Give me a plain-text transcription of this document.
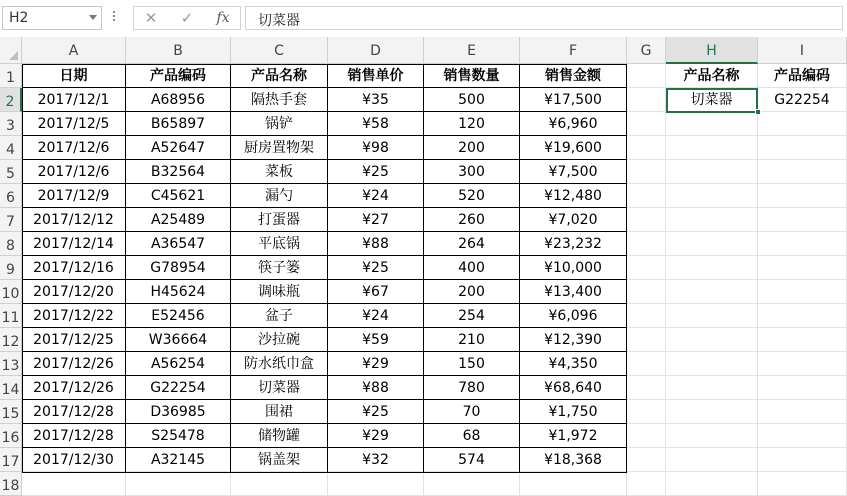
H2	✕	✓	fx	切菜器
A	B	C	D	E	F	G	H	I
1
2
3
4
5
6
7
8
9
10
11
12
13
14
15
16
17
18
日期	产品编码	产品名称	销售单价	销售数量	销售金额
2017/12/1	A68956	隔热手套	¥35	500	¥17,500
2017/12/5	B65897	锅铲	¥58	120	¥6,960
2017/12/6	A52647	厨房置物架	¥98	200	¥19,600
2017/12/6	B32564	菜板	¥25	300	¥7,500
2017/12/9	C45621	漏勺	¥24	520	¥12,480
2017/12/12	A25489	打蛋器	¥27	260	¥7,020
2017/12/14	A36547	平底锅	¥88	264	¥23,232
2017/12/16	G78954	筷子篓	¥25	400	¥10,000
2017/12/20	H45624	调味瓶	¥67	200	¥13,400
2017/12/22	E52456	盆子	¥24	254	¥6,096
2017/12/25	W36664	沙拉碗	¥59	210	¥12,390
2017/12/26	A56254	防水纸巾盒	¥29	150	¥4,350
2017/12/26	G22254	切菜器	¥88	780	¥68,640
2017/12/28	D36985	围裙	¥25	70	¥1,750
2017/12/28	S25478	储物罐	¥29	68	¥1,972
2017/12/30	A32145	锅盖架	¥32	574	¥18,368
产品名称	产品编码
切菜器	G22254
